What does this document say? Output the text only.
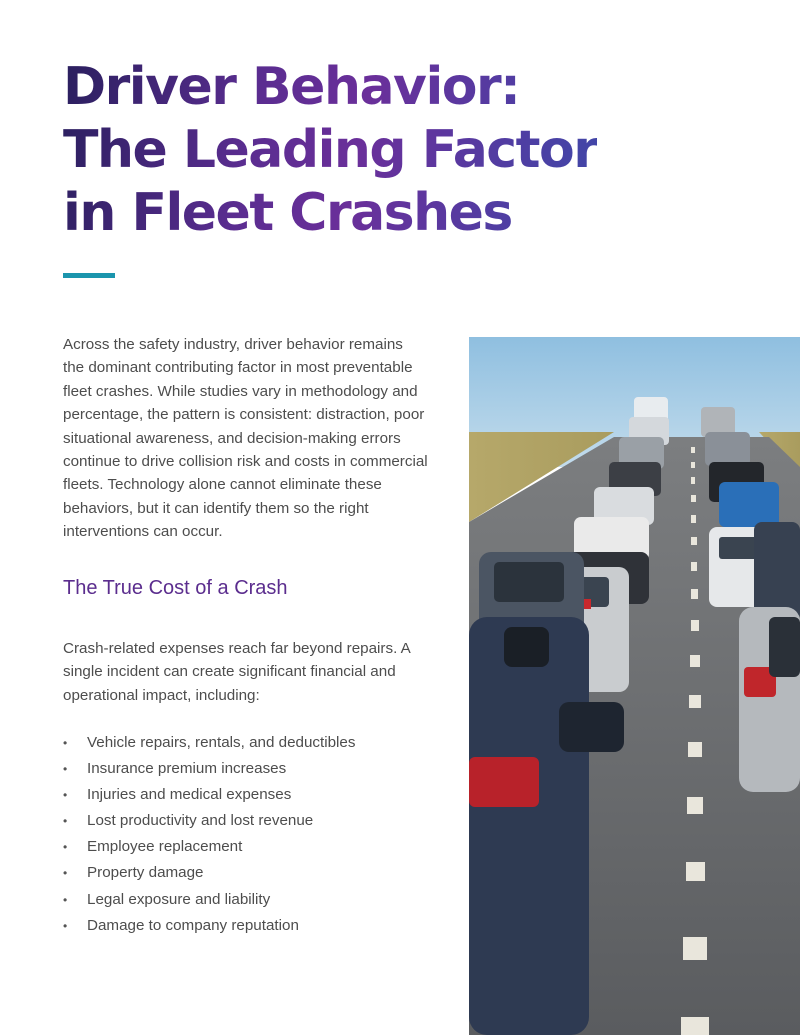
Driver Behavior:
The Leading Factor
in Fleet Crashes

Across the safety industry, driver behavior remains the dominant contributing factor in most preventable fleet crashes. While studies vary in methodology and percentage, the pattern is consistent: distraction, poor situational awareness, and decision-making errors continue to drive collision risk and costs in commercial fleets. Technology alone cannot eliminate these behaviors, but it can identify them so the right interventions can occur.

The True Cost of a Crash

Crash-related expenses reach far beyond repairs. A single incident can create significant financial and operational impact, including:

• Vehicle repairs, rentals, and deductibles
• Insurance premium increases
• Injuries and medical expenses
• Lost productivity and lost revenue
• Employee replacement
• Property damage
• Legal exposure and liability
• Damage to company reputation
